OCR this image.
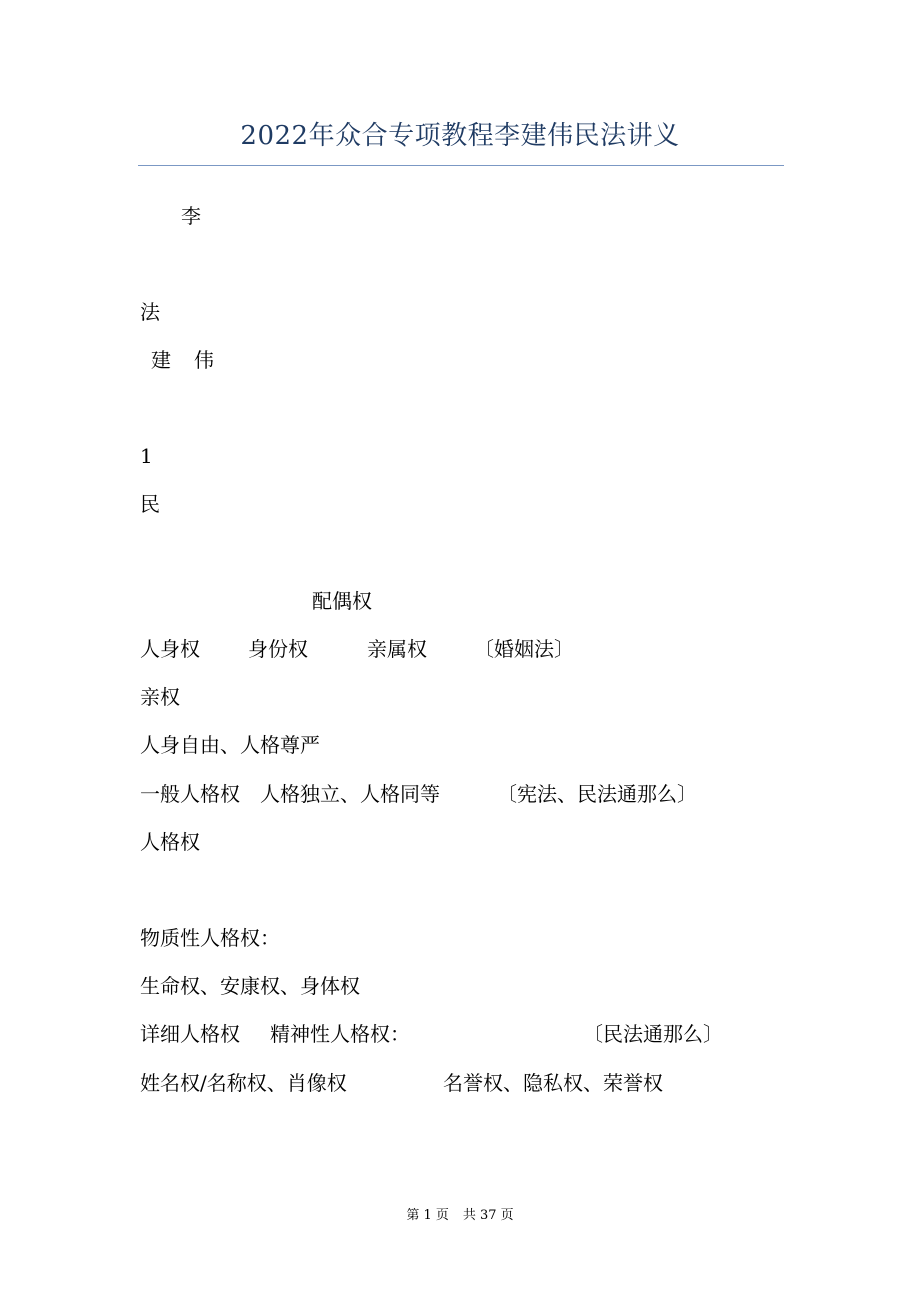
2022年众合专项教程李建伟民法讲义
李
法
建 伟
1
民
配偶权
人身权 身份权	亲属权 〔婚姻法〕
亲权
人身自由、人格尊严
一般人格权 人格独立、人格同等	〔宪法、民法通那么〕
人格权
物质性人格权：
生命权、安康权、身体权
详细人格权 精神性人格权：	〔民法通那么〕
姓名权/名称权、肖像权	名誉权、隐私权、荣誉权
第 1 页 共 37 页
